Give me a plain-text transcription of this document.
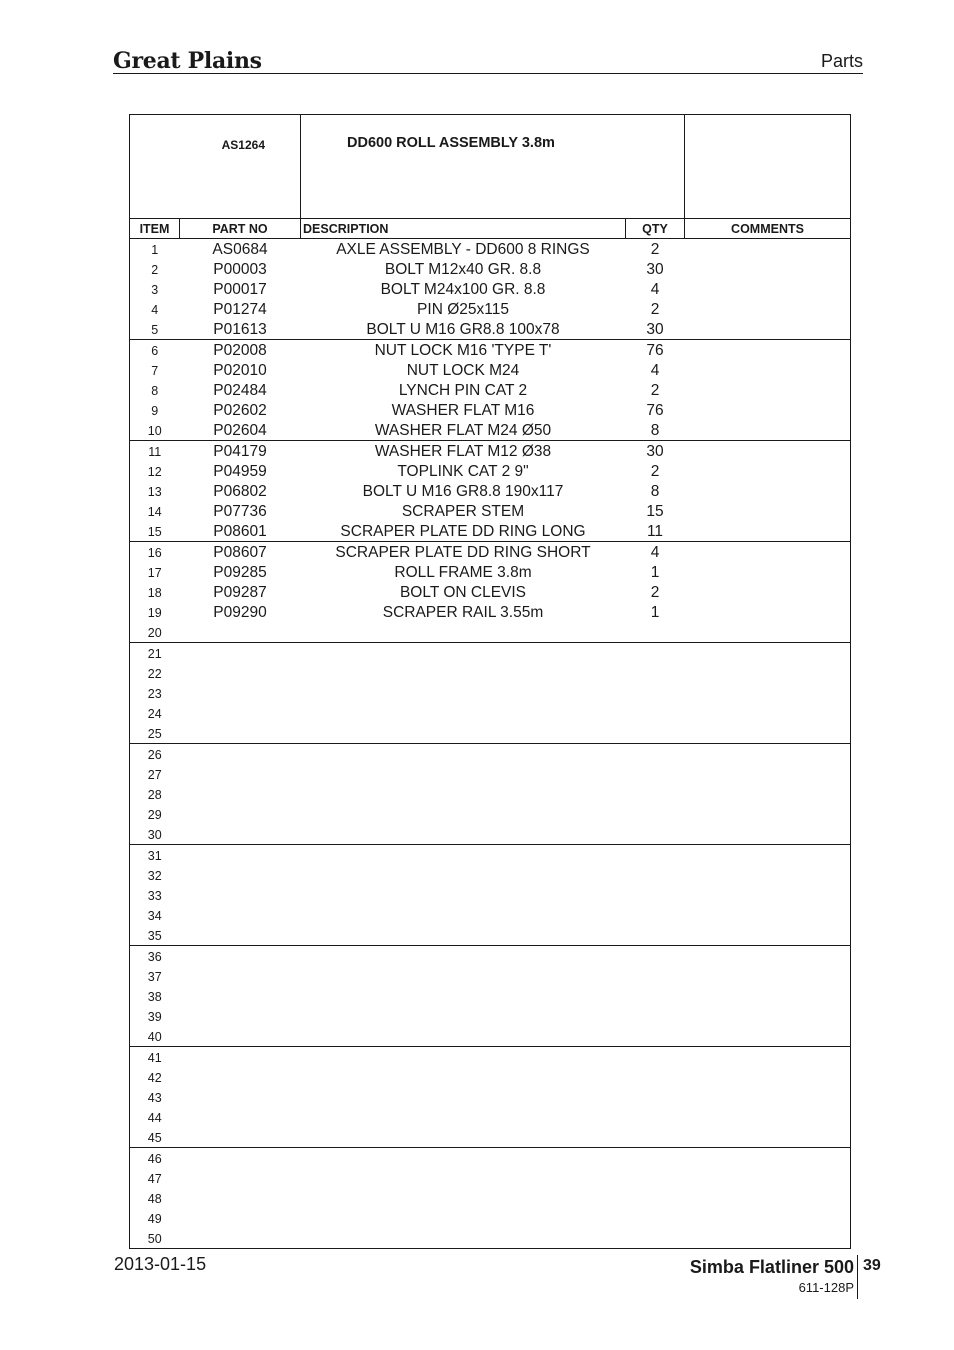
Great Plains	Parts
AS1264		DD600 ROLL ASSEMBLY 3.8m		
ITEM	PART NO	DESCRIPTION	QTY	COMMENTS
1	AS0684	AXLE ASSEMBLY - DD600 8 RINGS	2	
2	P00003	BOLT M12x40 GR. 8.8	30	
3	P00017	BOLT M24x100 GR. 8.8	4	
4	P01274	PIN Ø25x115	2	
5	P01613	BOLT U M16 GR8.8 100x78	30	
6	P02008	NUT LOCK M16 'TYPE T'	76	
7	P02010	NUT LOCK M24	4	
8	P02484	LYNCH PIN CAT 2	2	
9	P02602	WASHER FLAT M16	76	
10	P02604	WASHER FLAT M24 Ø50	8	
11	P04179	WASHER FLAT M12 Ø38	30	
12	P04959	TOPLINK CAT 2 9"	2	
13	P06802	BOLT U M16 GR8.8 190x117	8	
14	P07736	SCRAPER STEM	15	
15	P08601	SCRAPER PLATE DD RING LONG	11	
16	P08607	SCRAPER PLATE DD RING SHORT	4	
17	P09285	ROLL FRAME 3.8m	1	
18	P09287	BOLT ON CLEVIS	2	
19	P09290	SCRAPER RAIL 3.55m	1	
20				
21				
22				
23				
24				
25				
26				
27				
28				
29				
30				
31				
32				
33				
34				
35				
36				
37				
38				
39				
40				
41				
42				
43				
44				
45				
46				
47				
48				
49				
50				
2013-01-15	Simba Flatliner 500 39
611-128P
